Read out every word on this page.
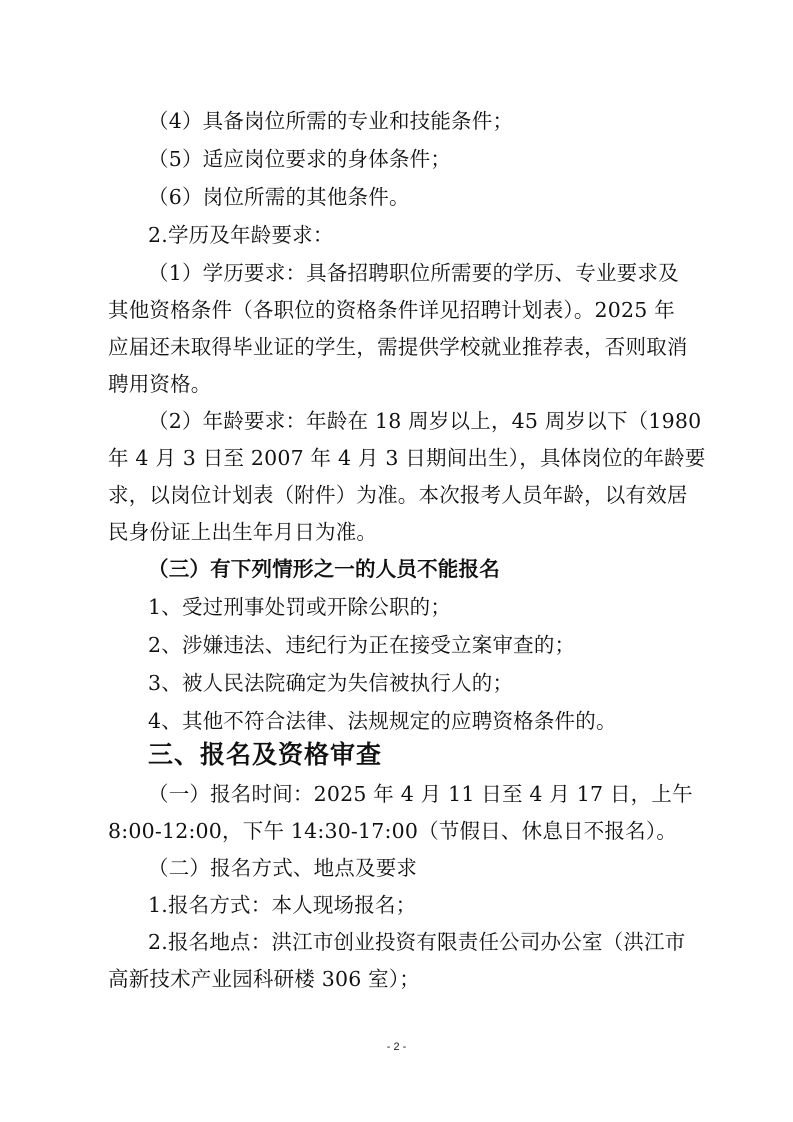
（4）具备岗位所需的专业和技能条件；
（5）适应岗位要求的身体条件；
（6）岗位所需的其他条件。
2.学历及年龄要求：
（1）学历要求：具备招聘职位所需要的学历、专业要求及
其他资格条件（各职位的资格条件详见招聘计划表）。2025 年
应届还未取得毕业证的学生，需提供学校就业推荐表，否则取消
聘用资格。
（2）年龄要求：年龄在 18 周岁以上，45 周岁以下（1980
年 4 月 3 日至 2007 年 4 月 3 日期间出生），具体岗位的年龄要
求，以岗位计划表（附件）为准。本次报考人员年龄，以有效居
民身份证上出生年月日为准。
（三）有下列情形之一的人员不能报名
1、受过刑事处罚或开除公职的；
2、涉嫌违法、违纪行为正在接受立案审查的；
3、被人民法院确定为失信被执行人的；
4、其他不符合法律、法规规定的应聘资格条件的。
三、报名及资格审查
（一）报名时间：2025 年 4 月 11 日至 4 月 17 日，上午
8:00-12:00，下午 14:30-17:00（节假日、休息日不报名）。
（二）报名方式、地点及要求
1.报名方式：本人现场报名；
2.报名地点：洪江市创业投资有限责任公司办公室（洪江市
高新技术产业园科研楼 306 室）；
- 2 -
